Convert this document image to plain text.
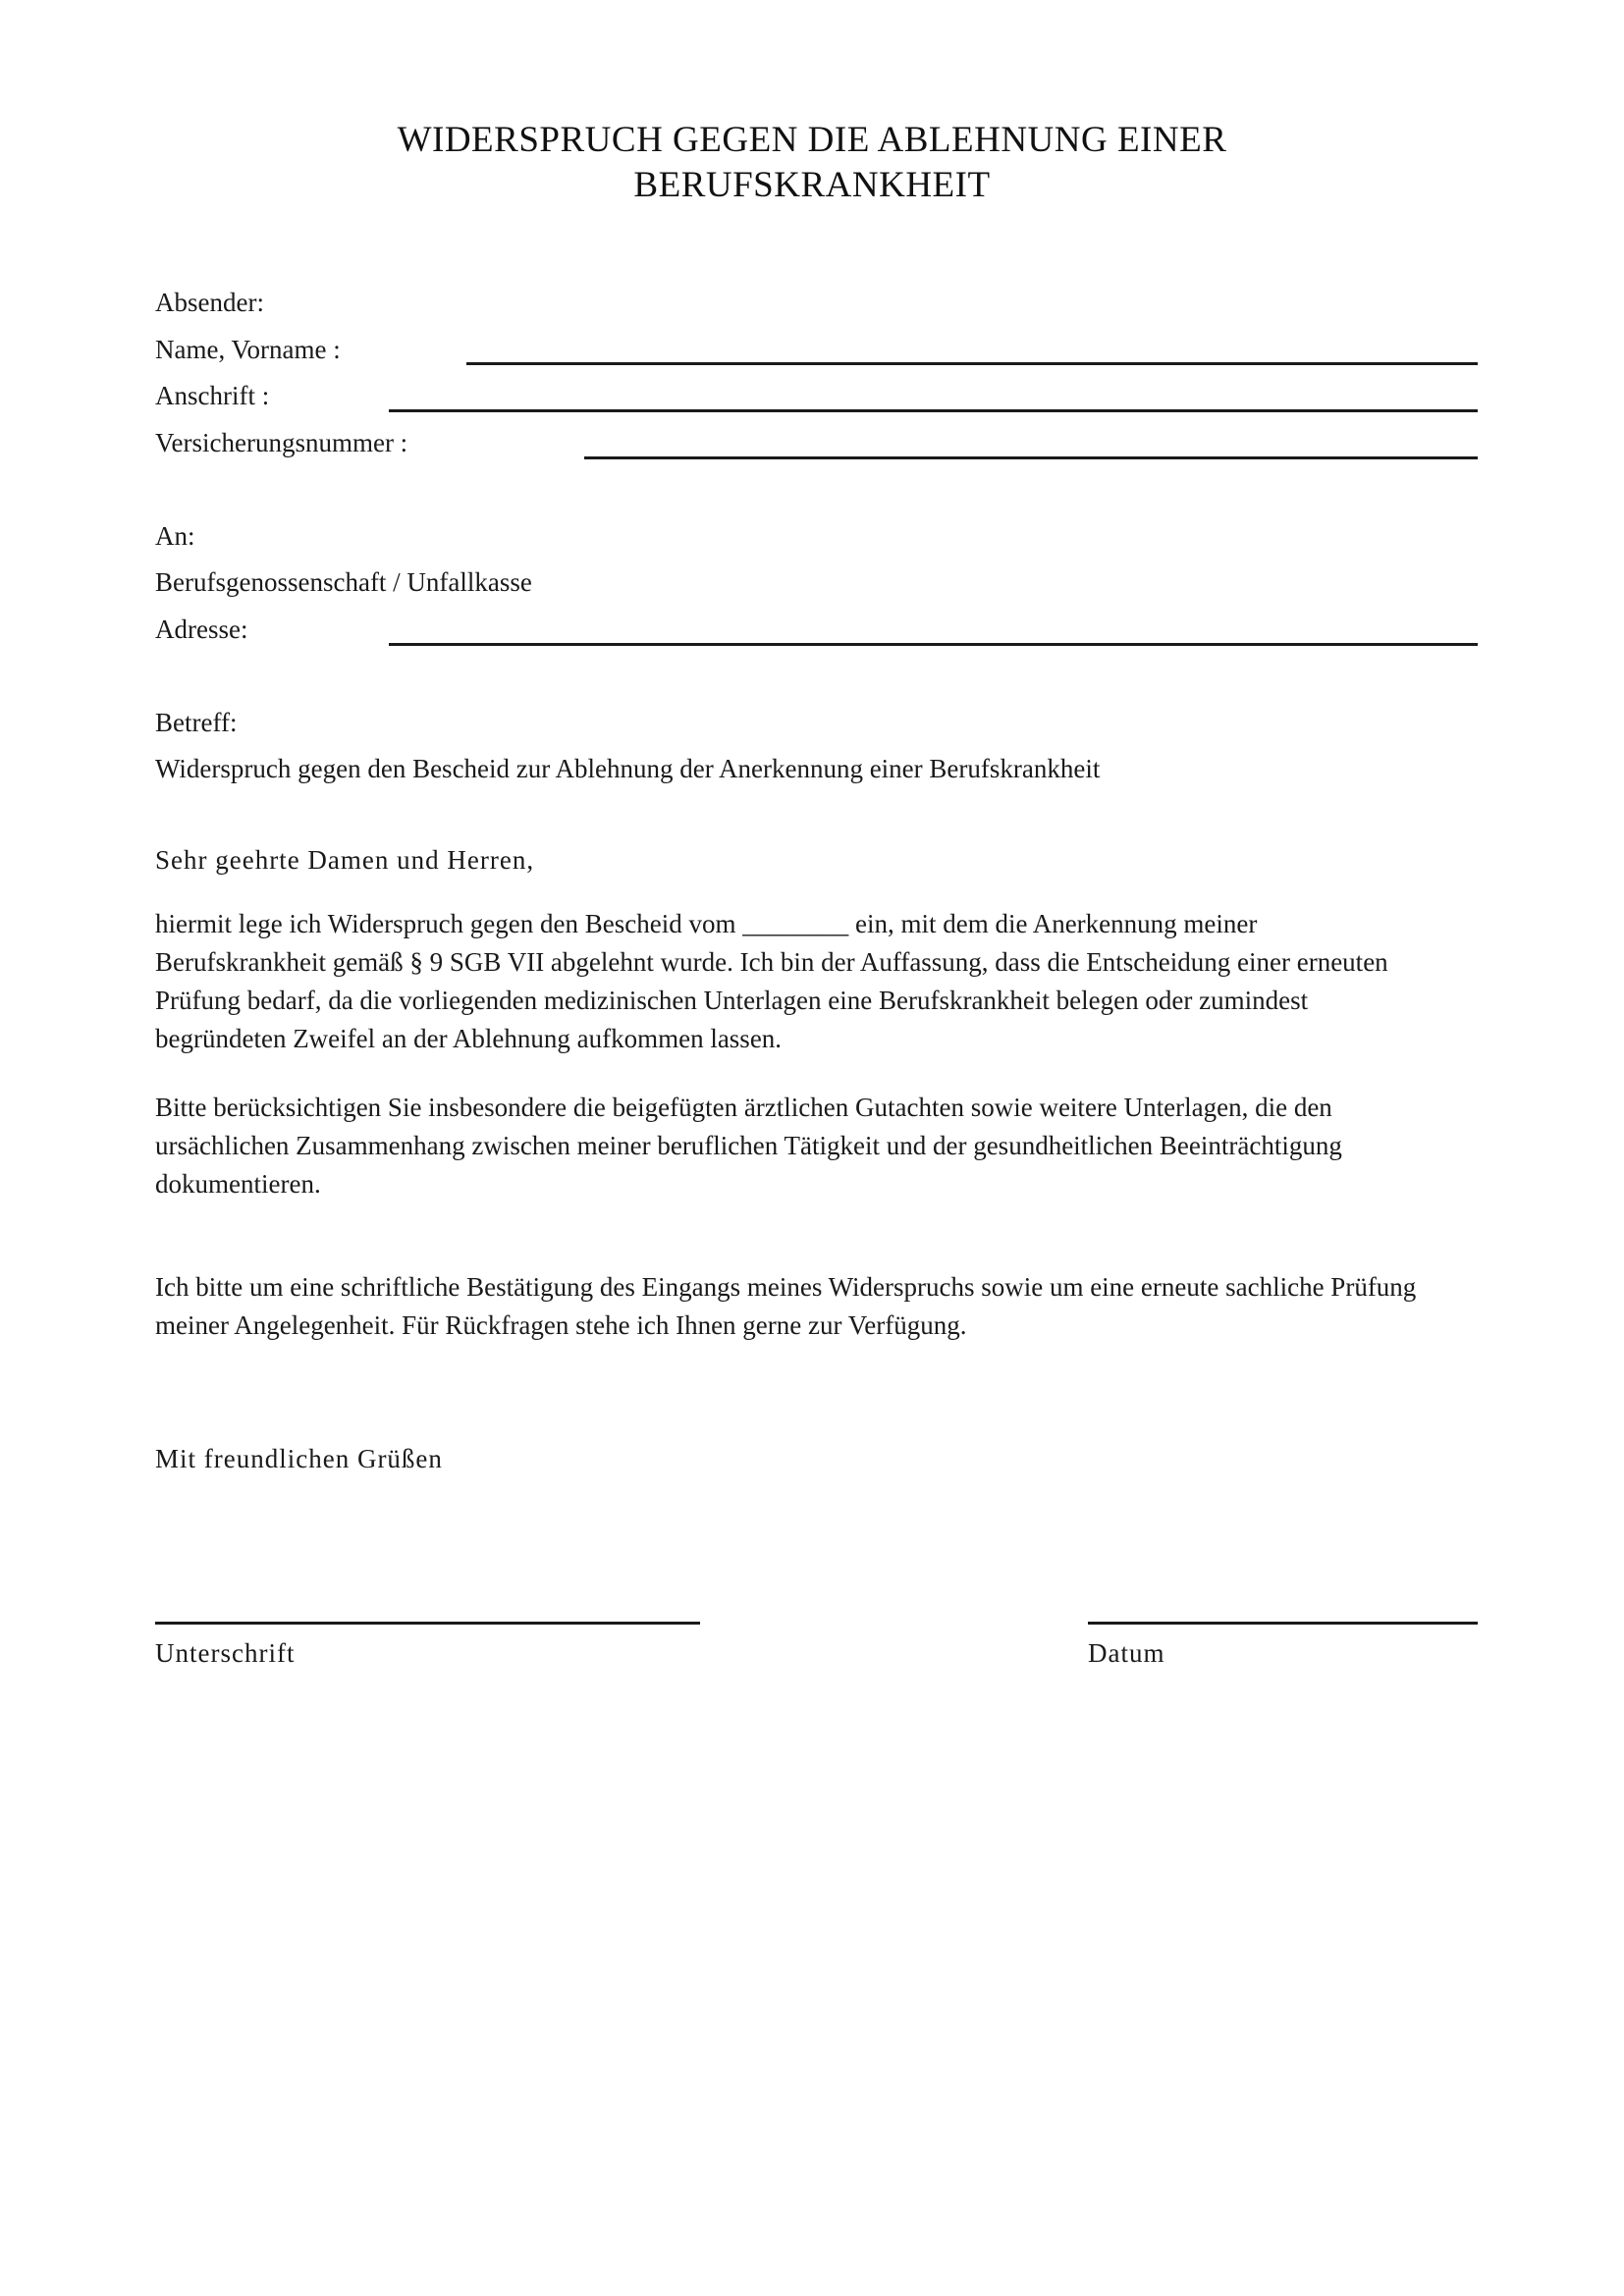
WIDERSPRUCH GEGEN DIE ABLEHNUNG EINER
BERUFSKRANKHEIT
Absender:
Name, Vorname :
Anschrift :
Versicherungsnummer :
An:
Berufsgenossenschaft / Unfallkasse
Adresse:
Betreff:
Widerspruch gegen den Bescheid zur Ablehnung der Anerkennung einer Berufskrankheit
Sehr geehrte Damen und Herren,
hiermit lege ich Widerspruch gegen den Bescheid vom ________ ein, mit dem die Anerkennung meiner
Berufskrankheit gemäß § 9 SGB VII abgelehnt wurde. Ich bin der Auffassung, dass die Entscheidung einer erneuten
Prüfung bedarf, da die vorliegenden medizinischen Unterlagen eine Berufskrankheit belegen oder zumindest
begründeten Zweifel an der Ablehnung aufkommen lassen.
Bitte berücksichtigen Sie insbesondere die beigefügten ärztlichen Gutachten sowie weitere Unterlagen, die den
ursächlichen Zusammenhang zwischen meiner beruflichen Tätigkeit und der gesundheitlichen Beeinträchtigung
dokumentieren.
Ich bitte um eine schriftliche Bestätigung des Eingangs meines Widerspruchs sowie um eine erneute sachliche Prüfung
meiner Angelegenheit. Für Rückfragen stehe ich Ihnen gerne zur Verfügung.
Mit freundlichen Grüßen
Unterschrift	Datum
